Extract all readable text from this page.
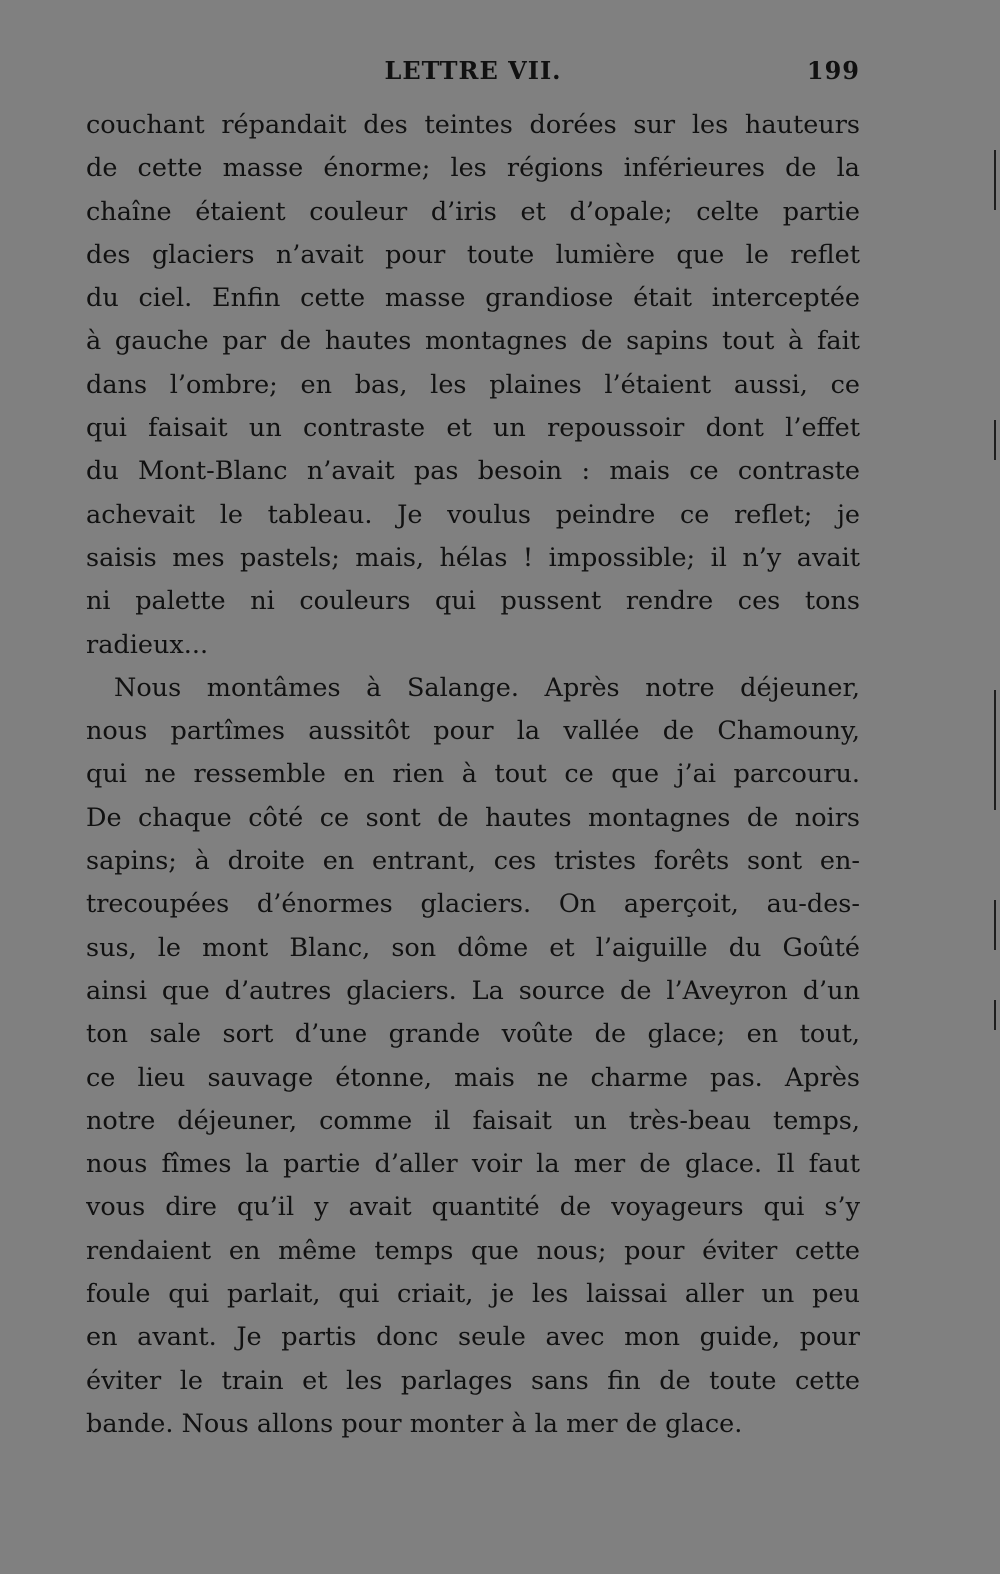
LETTRE VII.	199
couchant répandait des teintes dorées sur les hauteurs
de cette masse énorme; les régions inférieures de la
chaîne étaient couleur d’iris et d’opale; celte partie
des glaciers n’avait pour toute lumière que le reflet
du ciel. Enfin cette masse grandiose était interceptée
à gauche par de hautes montagnes de sapins tout à fait
dans l’ombre; en bas, les plaines l’étaient aussi, ce
qui faisait un contraste et un repoussoir dont l’effet
du Mont-Blanc n’avait pas besoin : mais ce contraste
achevait le tableau. Je voulus peindre ce reflet; je
saisis mes pastels; mais, hélas ! impossible; il n’y avait
ni palette ni couleurs qui pussent rendre ces tons
radieux...
Nous montâmes à Salange. Après notre déjeuner,
nous partîmes aussitôt pour la vallée de Chamouny,
qui ne ressemble en rien à tout ce que j’ai parcouru.
De chaque côté ce sont de hautes montagnes de noirs
sapins; à droite en entrant, ces tristes forêts sont en-
trecoupées d’énormes glaciers. On aperçoit, au-des-
sus, le mont Blanc, son dôme et l’aiguille du Goûté
ainsi que d’autres glaciers. La source de l’Aveyron d’un
ton sale sort d’une grande voûte de glace; en tout,
ce lieu sauvage étonne, mais ne charme pas. Après
notre déjeuner, comme il faisait un très-beau temps,
nous fîmes la partie d’aller voir la mer de glace. Il faut
vous dire qu’il y avait quantité de voyageurs qui s’y
rendaient en même temps que nous; pour éviter cette
foule qui parlait, qui criait, je les laissai aller un peu
en avant. Je partis donc seule avec mon guide, pour
éviter le train et les parlages sans fin de toute cette
bande. Nous allons pour monter à la mer de glace.
